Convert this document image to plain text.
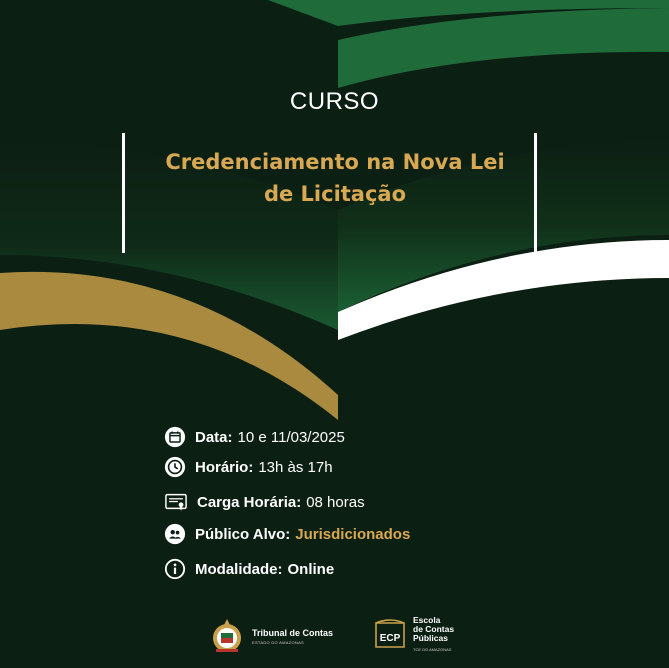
CURSO
Credenciamento na Nova Lei
de Licitação
Data: 10 e 11/03/2025
Horário: 13h às 17h
Carga Horária: 08 horas
Público Alvo: Jurisdicionados
Modalidade: Online
Tribunal de Contas
ESTADO DO AMAZONAS	ECP
Escola
de Contas
Públicas
TCE DO AMAZONAS
